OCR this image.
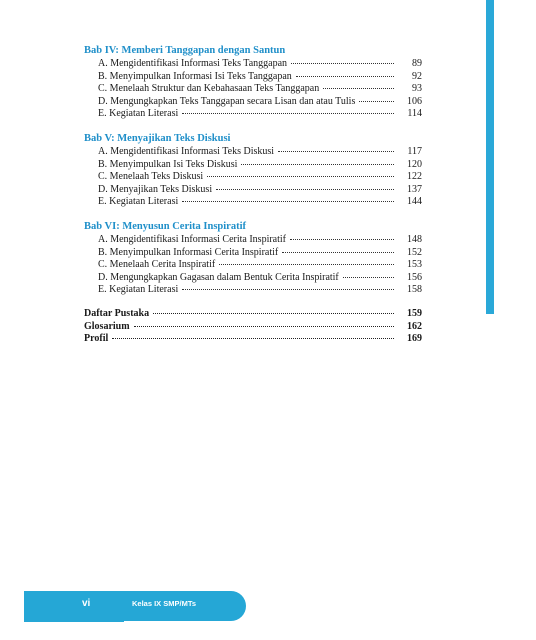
Bab IV: Memberi Tanggapan dengan Santun
A. Mengidentifikasi Informasi Teks Tanggapan	89
B. Menyimpulkan Informasi Isi Teks Tanggapan	92
C. Menelaah Struktur dan Kebahasaan Teks Tanggapan	93
D. Mengungkapkan Teks Tanggapan secara Lisan dan atau Tulis	106
E. Kegiatan Literasi	114
Bab V: Menyajikan Teks Diskusi
A. Mengidentifikasi Informasi Teks Diskusi	117
B. Menyimpulkan Isi Teks Diskusi	120
C. Menelaah Teks Diskusi	122
D. Menyajikan Teks Diskusi	137
E. Kegiatan Literasi	144
Bab VI: Menyusun Cerita Inspiratif
A. Mengidentifikasi Informasi Cerita Inspiratif	148
B. Menyimpulkan Informasi Cerita Inspiratif	152
C. Menelaah Cerita Inspiratif	153
D. Mengungkapkan Gagasan dalam Bentuk Cerita Inspiratif	156
E. Kegiatan Literasi	158
Daftar Pustaka	159
Glosarium	162
Profil	169
vi	Kelas IX SMP/MTs
